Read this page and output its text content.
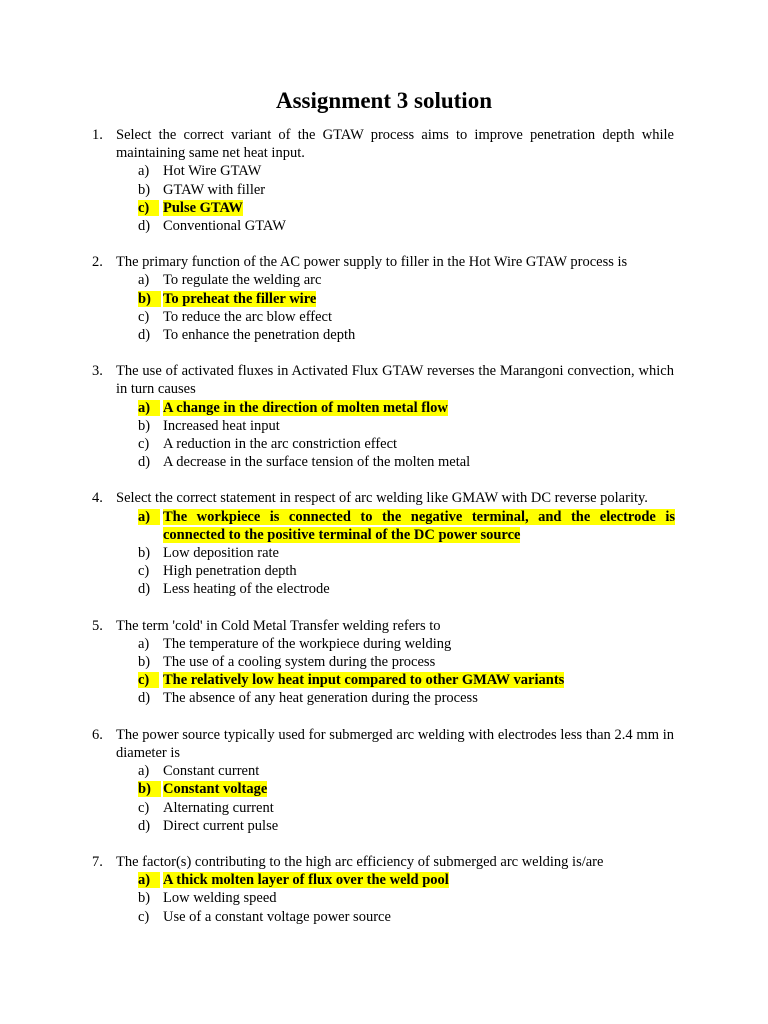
Assignment 3 solution
1. Select the correct variant of the GTAW process aims to improve penetration depth while maintaining same net heat input.
a) Hot Wire GTAW
b) GTAW with filler
c) Pulse GTAW
d) Conventional GTAW
2. The primary function of the AC power supply to filler in the Hot Wire GTAW process is
a) To regulate the welding arc
b) To preheat the filler wire
c) To reduce the arc blow effect
d) To enhance the penetration depth
3. The use of activated fluxes in Activated Flux GTAW reverses the Marangoni convection, which in turn causes
a) A change in the direction of molten metal flow
b) Increased heat input
c) A reduction in the arc constriction effect
d) A decrease in the surface tension of the molten metal
4. Select the correct statement in respect of arc welding like GMAW with DC reverse polarity.
a) The workpiece is connected to the negative terminal, and the electrode is connected to the positive terminal of the DC power source
b) Low deposition rate
c) High penetration depth
d) Less heating of the electrode
5. The term 'cold' in Cold Metal Transfer welding refers to
a) The temperature of the workpiece during welding
b) The use of a cooling system during the process
c) The relatively low heat input compared to other GMAW variants
d) The absence of any heat generation during the process
6. The power source typically used for submerged arc welding with electrodes less than 2.4 mm in diameter is
a) Constant current
b) Constant voltage
c) Alternating current
d) Direct current pulse
7. The factor(s) contributing to the high arc efficiency of submerged arc welding is/are
a) A thick molten layer of flux over the weld pool
b) Low welding speed
c) Use of a constant voltage power source
